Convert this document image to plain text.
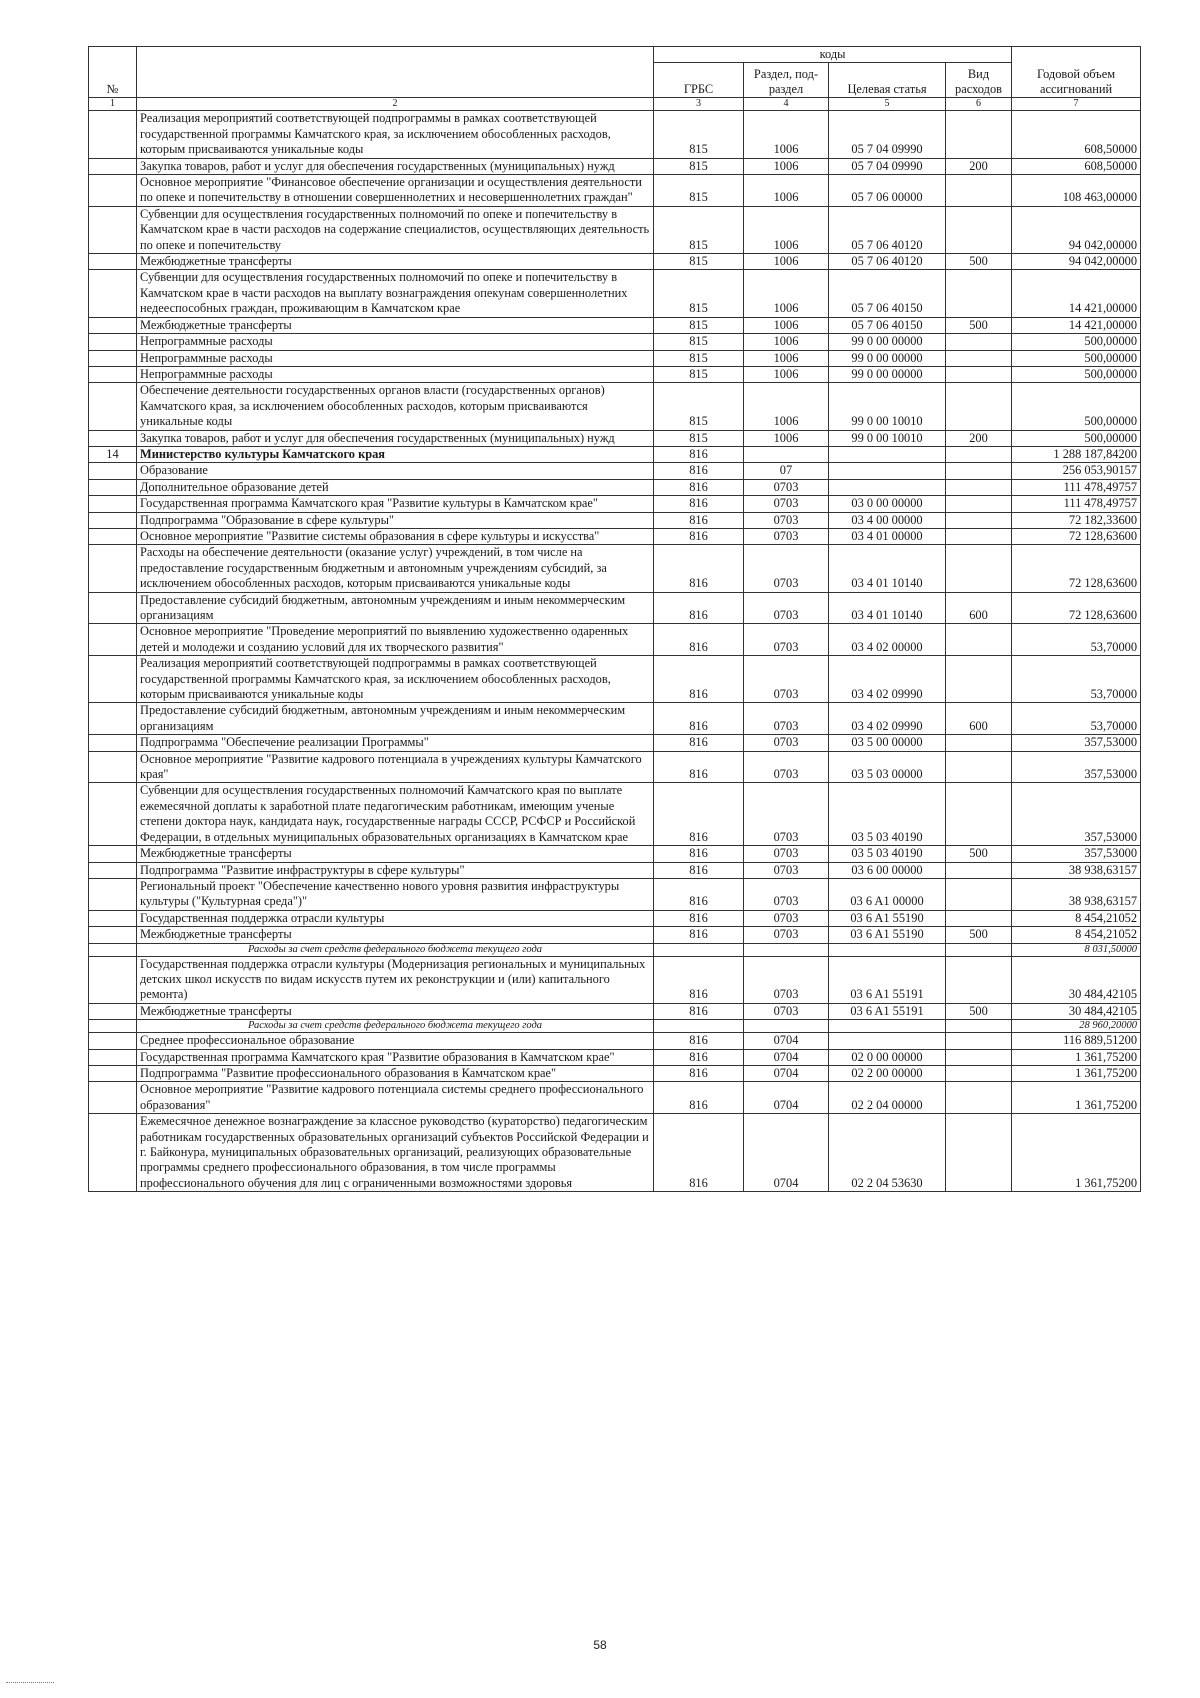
№		коды				Годовой объем ассигнований
		ГРБС	Раздел, под- раздел	Целевая статья	Вид расходов	
1	2	3	4	5	6	7
	Реализация мероприятий соответствующей подпрограммы в рамках соответствующей государственной программы Камчатского края, за исключением обособленных расходов, которым присваиваются уникальные коды	815	1006	05 7 04 09990		608,50000
	Закупка товаров, работ и услуг для обеспечения государственных (муниципальных) нужд	815	1006	05 7 04 09990	200	608,50000
	Основное мероприятие "Финансовое обеспечение организации и осуществления деятельности по опеке и попечительству в отношении совершеннолетних и несовершеннолетних граждан"	815	1006	05 7 06 00000		108 463,00000
	Субвенции для осуществления государственных полномочий по опеке и попечительству в Камчатском крае в части расходов на содержание специалистов, осуществляющих деятельность по опеке и попечительству	815	1006	05 7 06 40120		94 042,00000
	Межбюджетные трансферты	815	1006	05 7 06 40120	500	94 042,00000
	Субвенции для осуществления государственных полномочий по опеке и попечительству в Камчатском крае в части расходов на выплату вознаграждения опекунам совершеннолетних недееспособных граждан, проживающим в Камчатском крае	815	1006	05 7 06 40150		14 421,00000
	Межбюджетные трансферты	815	1006	05 7 06 40150	500	14 421,00000
	Непрограммные расходы	815	1006	99 0 00 00000		500,00000
	Непрограммные расходы	815	1006	99 0 00 00000		500,00000
	Непрограммные расходы	815	1006	99 0 00 00000		500,00000
	Обеспечение деятельности государственных органов власти (государственных органов) Камчатского края, за исключением обособленных расходов, которым присваиваются уникальные коды	815	1006	99 0 00 10010		500,00000
	Закупка товаров, работ и услуг для обеспечения государственных (муниципальных) нужд	815	1006	99 0 00 10010	200	500,00000
14	Министерство культуры Камчатского края	816				1 288 187,84200
	Образование	816	07			256 053,90157
	Дополнительное образование детей	816	0703			111 478,49757
	Государственная программа Камчатского края "Развитие культуры в Камчатском крае"	816	0703	03 0 00 00000		111 478,49757
	Подпрограмма "Образование в сфере культуры"	816	0703	03 4 00 00000		72 182,33600
	Основное мероприятие "Развитие системы образования в сфере культуры и искусства"	816	0703	03 4 01 00000		72 128,63600
	Расходы на обеспечение деятельности (оказание услуг) учреждений, в том числе на предоставление государственным бюджетным и автономным учреждениям субсидий, за исключением обособленных расходов, которым присваиваются уникальные коды	816	0703	03 4 01 10140		72 128,63600
	Предоставление субсидий бюджетным, автономным учреждениям и иным некоммерческим организациям	816	0703	03 4 01 10140	600	72 128,63600
	Основное мероприятие "Проведение мероприятий по выявлению художественно одаренных детей и молодежи и созданию условий для их творческого развития"	816	0703	03 4 02 00000		53,70000
	Реализация мероприятий соответствующей подпрограммы в рамках соответствующей государственной программы Камчатского края, за исключением обособленных расходов, которым присваиваются уникальные коды	816	0703	03 4 02 09990		53,70000
	Предоставление субсидий бюджетным, автономным учреждениям и иным некоммерческим организациям	816	0703	03 4 02 09990	600	53,70000
	Подпрограмма "Обеспечение реализации Программы"	816	0703	03 5 00 00000		357,53000
	Основное мероприятие "Развитие кадрового потенциала в учреждениях культуры Камчатского края"	816	0703	03 5 03 00000		357,53000
	Субвенции для осуществления государственных полномочий Камчатского края по выплате ежемесячной доплаты к заработной плате педагогическим работникам, имеющим ученые степени доктора наук, кандидата наук, государственные награды СССР, РСФСР и Российской Федерации, в отдельных муниципальных образовательных организациях в Камчатском крае	816	0703	03 5 03 40190		357,53000
	Межбюджетные трансферты	816	0703	03 5 03 40190	500	357,53000
	Подпрограмма "Развитие инфраструктуры в сфере культуры"	816	0703	03 6 00 00000		38 938,63157
	Региональный проект "Обеспечение качественно нового уровня развития инфраструктуры культуры ("Культурная среда")"	816	0703	03 6 A1 00000		38 938,63157
	Государственная поддержка отрасли культуры	816	0703	03 6 A1 55190		8 454,21052
	Межбюджетные трансферты	816	0703	03 6 A1 55190	500	8 454,21052
	Расходы за счет средств федерального бюджета текущего года					8 031,50000
	Государственная поддержка отрасли культуры (Модернизация региональных и муниципальных детских школ искусств по видам искусств путем их реконструкции и (или) капитального ремонта)	816	0703	03 6 A1 55191		30 484,42105
	Межбюджетные трансферты	816	0703	03 6 A1 55191	500	30 484,42105
	Расходы за счет средств федерального бюджета текущего года					28 960,20000
	Среднее профессиональное образование	816	0704			116 889,51200
	Государственная программа Камчатского края "Развитие образования в Камчатском крае"	816	0704	02 0 00 00000		1 361,75200
	Подпрограмма "Развитие профессионального образования в Камчатском крае"	816	0704	02 2 00 00000		1 361,75200
	Основное мероприятие "Развитие кадрового потенциала системы среднего профессионального образования"	816	0704	02 2 04 00000		1 361,75200
	Ежемесячное денежное вознаграждение за классное руководство (кураторство) педагогическим работникам государственных образовательных организаций субъектов Российской Федерации и г. Байконура, муниципальных образовательных организаций, реализующих образовательные программы среднего профессионального образования, в том числе программы профессионального обучения для лиц с ограниченными возможностями здоровья	816	0704	02 2 04 53630		1 361,75200
58
